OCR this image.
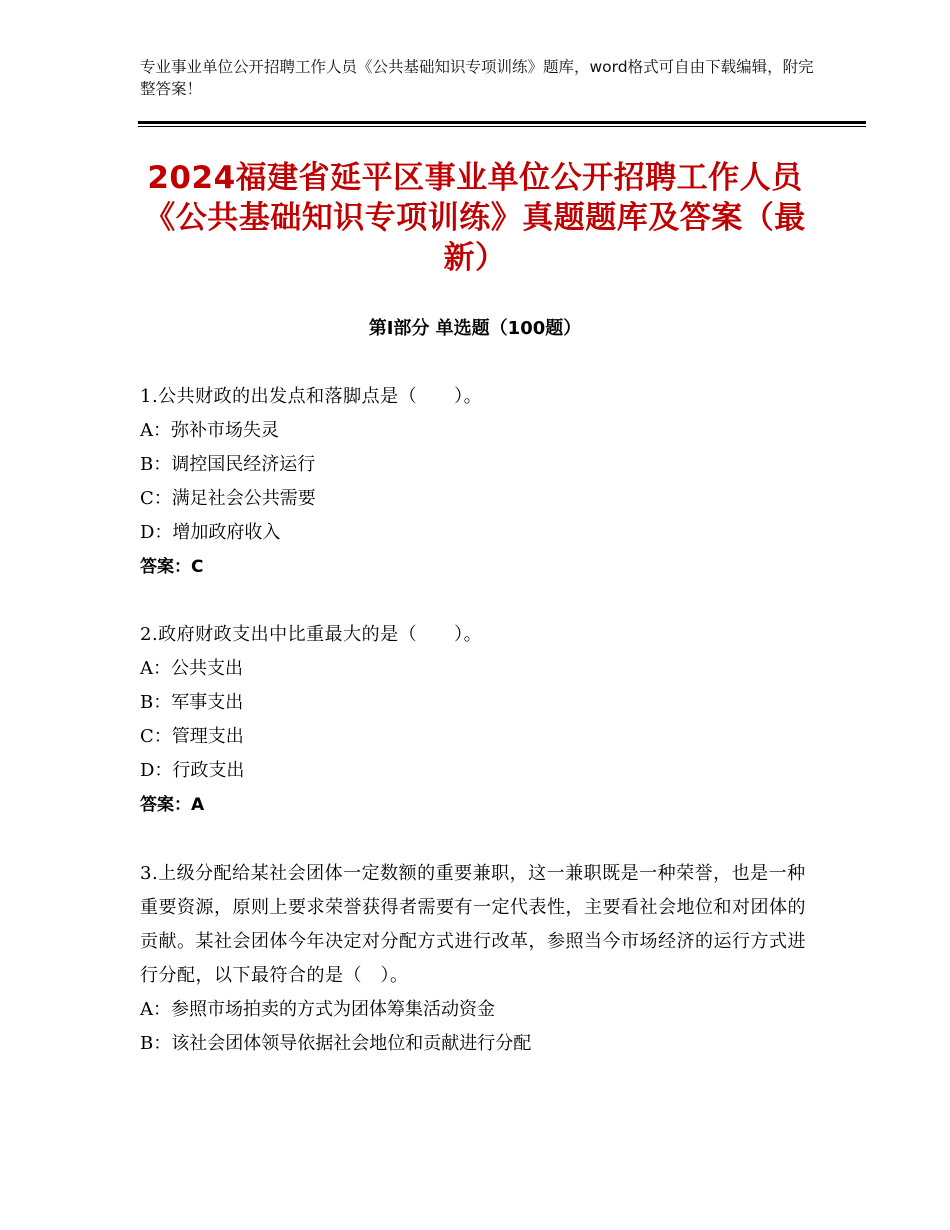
专业事业单位公开招聘工作人员《公共基础知识专项训练》题库，word格式可自由下载编辑，附完整答案！
2024福建省延平区事业单位公开招聘工作人员《公共基础知识专项训练》真题题库及答案（最新）
第Ⅰ部分 单选题（100题）

1.公共财政的出发点和落脚点是（　　）。

A：弥补市场失灵

B：调控国民经济运行

C：满足社会公共需要

D：增加政府收入

答案：C

2.政府财政支出中比重最大的是（　　）。

A：公共支出

B：军事支出

C：管理支出

D：行政支出

答案：A

3.上级分配给某社会团体一定数额的重要兼职，这一兼职既是一种荣誉，也是一种重要资源，原则上要求荣誉获得者需要有一定代表性，主要看社会地位和对团体的贡献。某社会团体今年决定对分配方式进行改革，参照当今市场经济的运行方式进行分配，以下最符合的是（　）。

A：参照市场拍卖的方式为团体筹集活动资金

B：该社会团体领导依据社会地位和贡献进行分配
